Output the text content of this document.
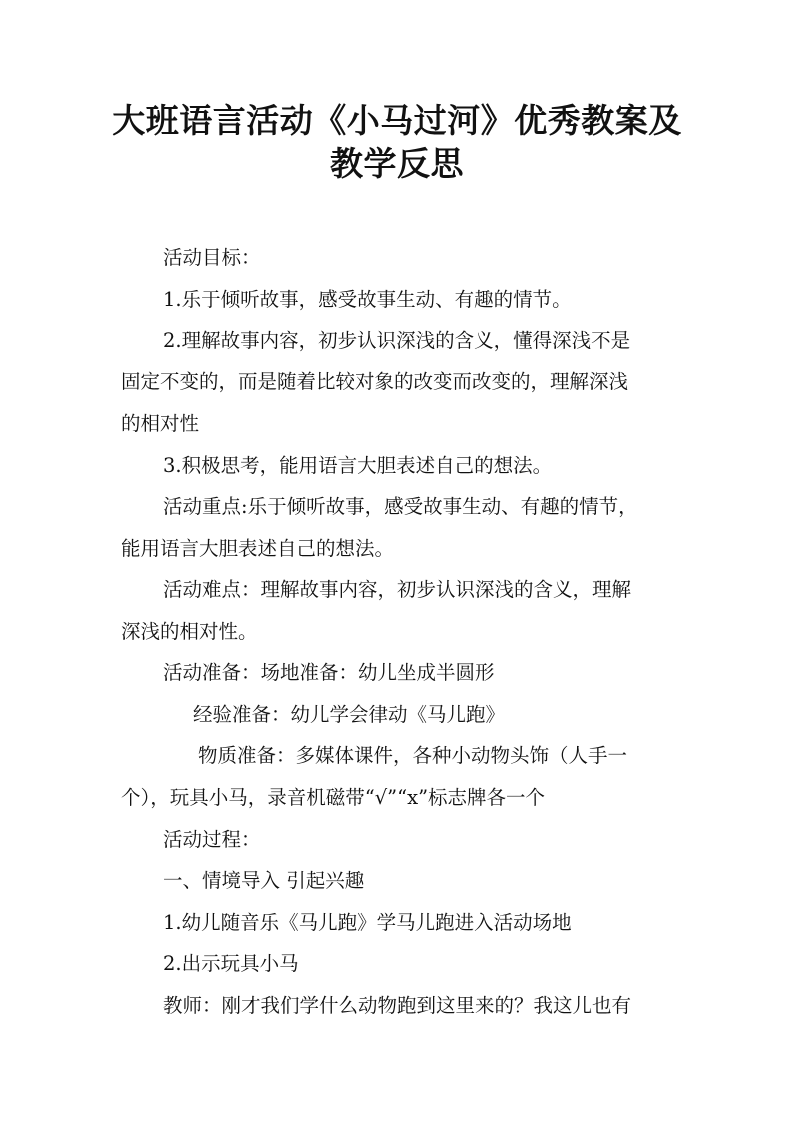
大班语言活动《小马过河》优秀教案及
教学反思

活动目标：

1.乐于倾听故事，感受故事生动、有趣的情节。

2.理解故事内容，初步认识深浅的含义，懂得深浅不是

固定不变的，而是随着比较对象的改变而改变的，理解深浅

的相对性

3.积极思考，能用语言大胆表述自己的想法。

活动重点:乐于倾听故事，感受故事生动、有趣的情节，

能用语言大胆表述自己的想法。

活动难点：理解故事内容，初步认识深浅的含义，理解

深浅的相对性。

活动准备：场地准备：幼儿坐成半圆形

经验准备：幼儿学会律动《马儿跑》

物质准备：多媒体课件，各种小动物头饰（人手一

个），玩具小马，录音机磁带“√”“x”标志牌各一个

活动过程：

一、情境导入 引起兴趣

1.幼儿随音乐《马儿跑》学马儿跑进入活动场地

2.出示玩具小马

教师：刚才我们学什么动物跑到这里来的？我这儿也有
